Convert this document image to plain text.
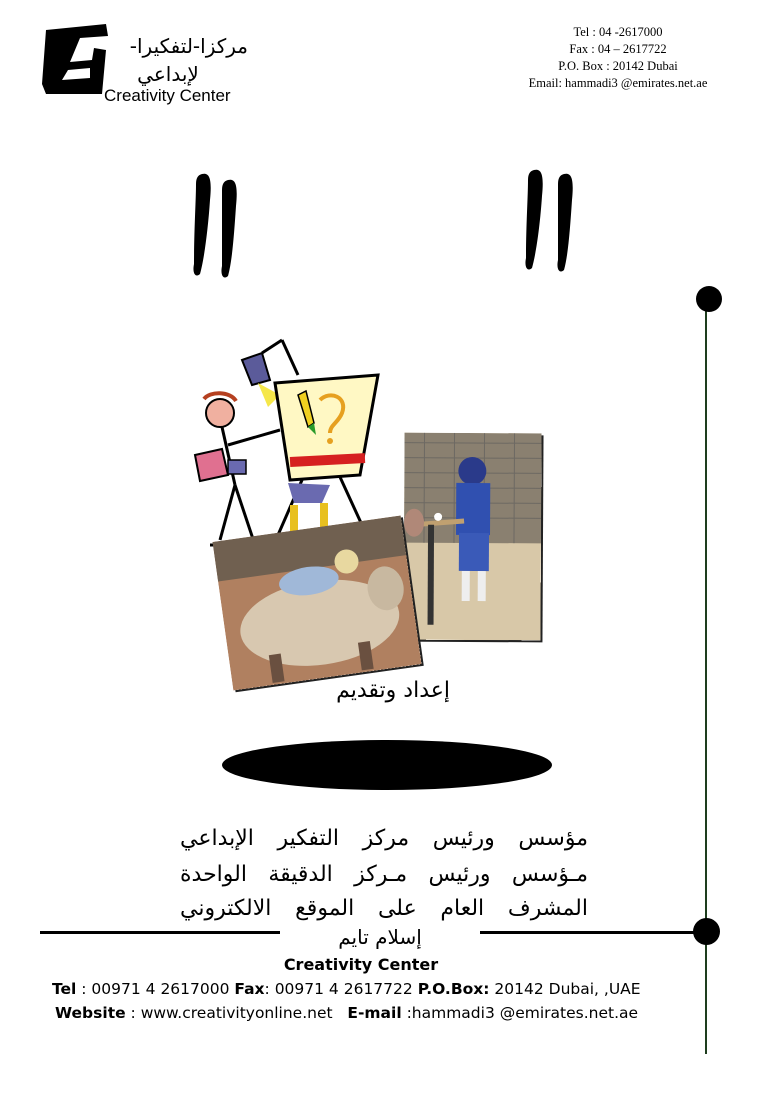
مركزا-لتفكيرا-
لإبداعي
Creativity Center
Tel : 04 -2617000
Fax : 04 – 2617722
P.O. Box : 20142 Dubai
Email: hammadi3 @emirates.net.ae
إعداد وتقديم
مؤسس ورئيس مركز التفكير الإبداعي
مـؤسس ورئيس مـركز الدقيقة الواحدة
المشرف العام على الموقع الالكتروني
إسلام تايم
Creativity Center
Tel : 00971 4 2617000 Fax: 00971 4 2617722 P.O.Box: 20142 Dubai, ,UAE
Website : www.creativityonline.net E-mail :hammadi3 @emirates.net.ae
